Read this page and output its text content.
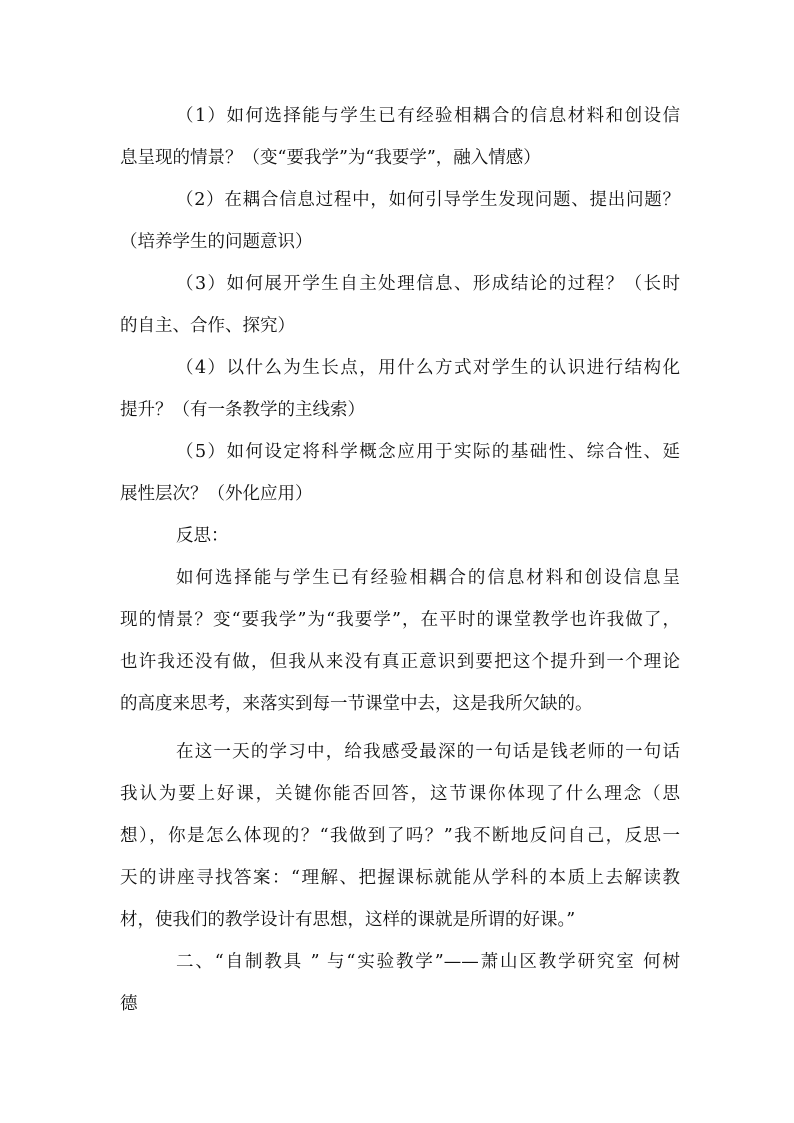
（1）如何选择能与学生已有经验相耦合的信息材料和创设信
息呈现的情景？（变“要我学”为“我要学”，融入情感）
（2）在耦合信息过程中，如何引导学生发现问题、提出问题？
（培养学生的问题意识）
（3）如何展开学生自主处理信息、形成结论的过程？（长时
的自主、合作、探究）
（4）以什么为生长点，用什么方式对学生的认识进行结构化
提升？（有一条教学的主线索）
（5）如何设定将科学概念应用于实际的基础性、综合性、延
展性层次？（外化应用）
反思：
如何选择能与学生已有经验相耦合的信息材料和创设信息呈
现的情景？变“要我学”为“我要学”，在平时的课堂教学也许我做了，
也许我还没有做，但我从来没有真正意识到要把这个提升到一个理论
的高度来思考，来落实到每一节课堂中去，这是我所欠缺的。
在这一天的学习中，给我感受最深的一句话是钱老师的一句话
我认为要上好课，关键你能否回答，这节课你体现了什么理念（思
想），你是怎么体现的？“我做到了吗？”我不断地反问自己，反思一
天的讲座寻找答案：“理解、把握课标就能从学科的本质上去解读教
材，使我们的教学设计有思想，这样的课就是所谓的好课。”
二、“自制教具 ” 与“实验教学”——萧山区教学研究室 何树
德
